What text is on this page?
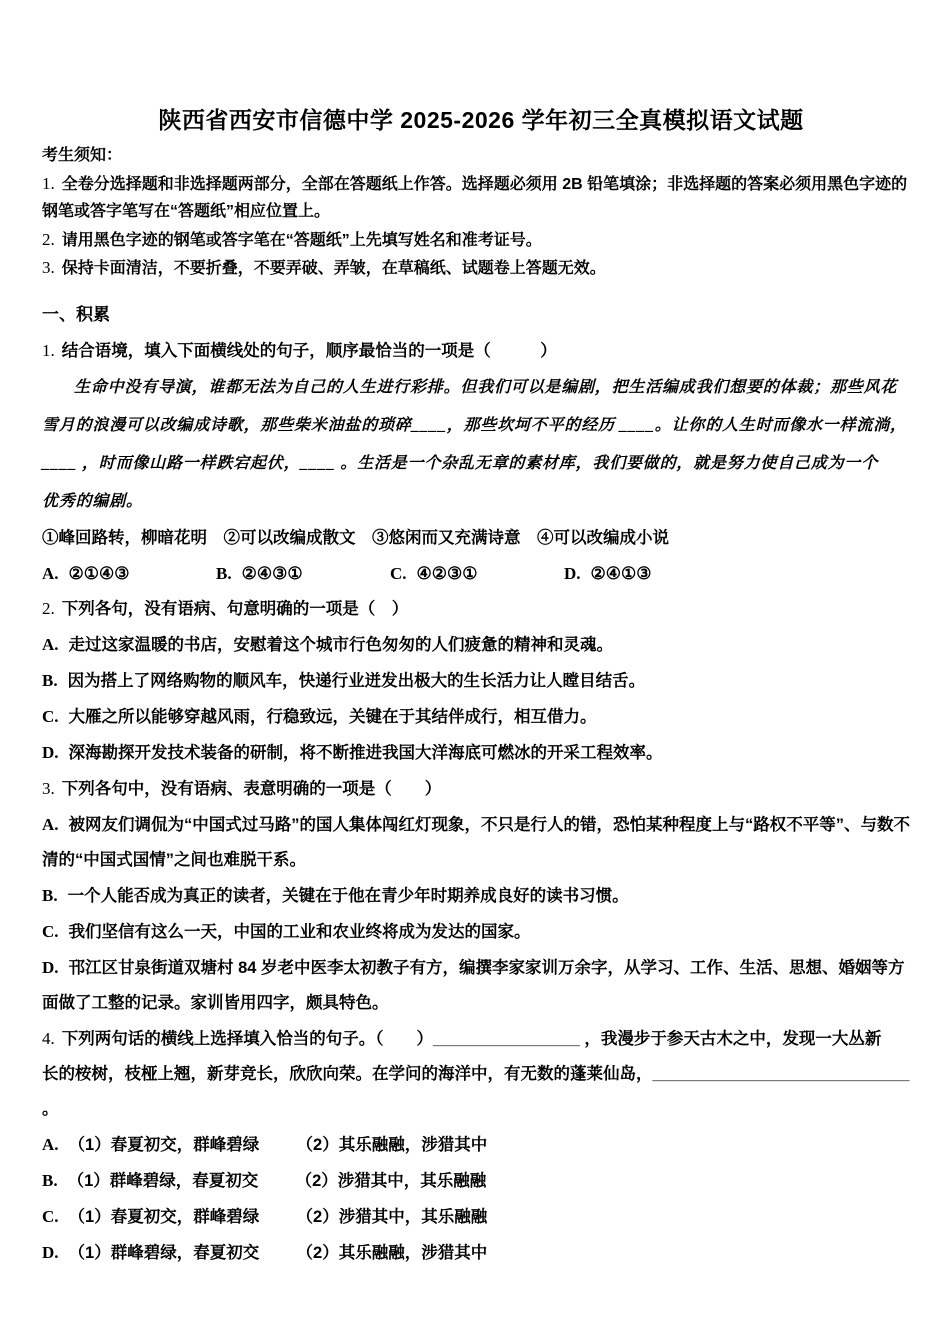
陕西省西安市信德中学 2025-2026 学年初三全真模拟语文试题
考生须知：
1. 全卷分选择题和非选择题两部分，全部在答题纸上作答。选择题必须用 2B 铅笔填涂；非选择题的答案必须用黑色字迹的钢笔或答字笔写在“答题纸”相应位置上。
2. 请用黑色字迹的钢笔或答字笔在“答题纸”上先填写姓名和准考证号。
3. 保持卡面清洁，不要折叠，不要弄破、弄皱，在草稿纸、试题卷上答题无效。
一、积累
1. 结合语境，填入下面横线处的句子，顺序最恰当的一项是（　　　）
生命中没有导演，谁都无法为自己的人生进行彩排。但我们可以是编剧，把生活编成我们想要的体裁；那些风花
雪月的浪漫可以改编成诗歌，那些柴米油盐的琐碎____，那些坎坷不平的经历 ____。让你的人生时而像水一样流淌，
____ ，时而像山路一样跌宕起伏，____ 。生活是一个杂乱无章的素材库，我们要做的，就是努力使自己成为一个
优秀的编剧。
①峰回路转，柳暗花明　②可以改编成散文　③悠闲而又充满诗意　④可以改编成小说
A. ②①④③	B. ②④③①	C. ④②③①	D. ②④①③
2. 下列各句，没有语病、句意明确的一项是（　）
A. 走过这家温暖的书店，安慰着这个城市行色匆匆的人们疲惫的精神和灵魂。
B. 因为搭上了网络购物的顺风车，快递行业迸发出极大的生长活力让人瞠目结舌。
C. 大雁之所以能够穿越风雨，行稳致远，关键在于其结伴成行，相互借力。
D. 深海勘探开发技术装备的研制，将不断推进我国大洋海底可燃冰的开采工程效率。
3. 下列各句中，没有语病、表意明确的一项是（　　）
A. 被网友们调侃为“中国式过马路”的国人集体闯红灯现象，不只是行人的错，恐怕某种程度上与“路权不平等”、与数不清的“中国式国情”之间也难脱干系。
B. 一个人能否成为真正的读者，关键在于他在青少年时期养成良好的读书习惯。
C. 我们坚信有这么一天，中国的工业和农业终将成为发达的国家。
D. 邗江区甘泉街道双塘村 84 岁老中医李太初教子有方，编撰李家家训万余字，从学习、工作、生活、思想、婚姻等方面做了工整的记录。家训皆用四字，颇具特色。
4. 下列两句话的横线上选择填入恰当的句子。（　　）________________ ，我漫步于参天古木之中，发现一大丛新
长的桉树，枝桠上翘，新芽竞长，欣欣向荣。在学问的海洋中，有无数的蓬莱仙岛，____________________________
。
A. （1）春夏初交，群峰碧绿 （2）其乐融融，涉猎其中
B. （1）群峰碧绿，春夏初交 （2）涉猎其中，其乐融融
C. （1）春夏初交，群峰碧绿 （2）涉猎其中，其乐融融
D. （1）群峰碧绿，春夏初交 （2）其乐融融，涉猎其中
